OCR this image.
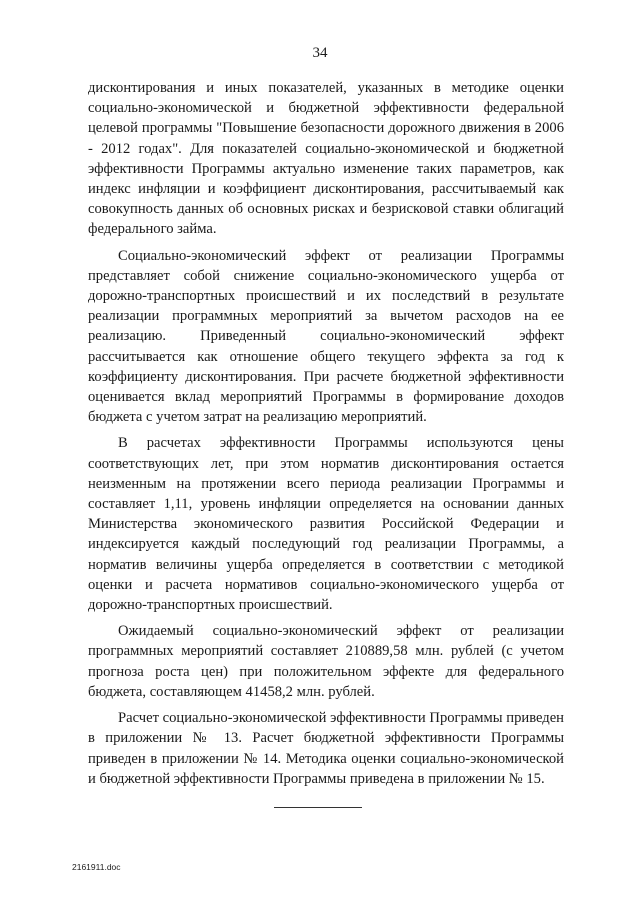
34

дисконтирования и иных показателей, указанных в методике оценки социально-экономической и бюджетной эффективности федеральной целевой программы "Повышение безопасности дорожного движения в 2006 - 2012 годах". Для показателей социально-экономической и бюджетной эффективности Программы актуально изменение таких параметров, как индекс инфляции и коэффициент дисконтирования, рассчитываемый как совокупность данных об основных рисках и безрисковой ставки облигаций федерального займа.

Социально-экономический эффект от реализации Программы представляет собой снижение социально-экономического ущерба от дорожно-транспортных происшествий и их последствий в результате реализации программных мероприятий за вычетом расходов на ее реализацию. Приведенный социально-экономический эффект рассчитывается как отношение общего текущего эффекта за год к коэффициенту дисконтирования. При расчете бюджетной эффективности оценивается вклад мероприятий Программы в формирование доходов бюджета с учетом затрат на реализацию мероприятий.

В расчетах эффективности Программы используются цены соответствующих лет, при этом норматив дисконтирования остается неизменным на протяжении всего периода реализации Программы и составляет 1,11, уровень инфляции определяется на основании данных Министерства экономического развития Российской Федерации и индексируется каждый последующий год реализации Программы, а норматив величины ущерба определяется в соответствии с методикой оценки и расчета нормативов социально-экономического ущерба от дорожно-транспортных происшествий.

Ожидаемый социально-экономический эффект от реализации программных мероприятий составляет 210889,58 млн. рублей (с учетом прогноза роста цен) при положительном эффекте для федерального бюджета, составляющем 41458,2 млн. рублей.

Расчет социально-экономической эффективности Программы приведен в приложении № 13. Расчет бюджетной эффективности Программы приведен в приложении № 14. Методика оценки социально-экономической и бюджетной эффективности Программы приведена в приложении № 15.

2161911.doc
